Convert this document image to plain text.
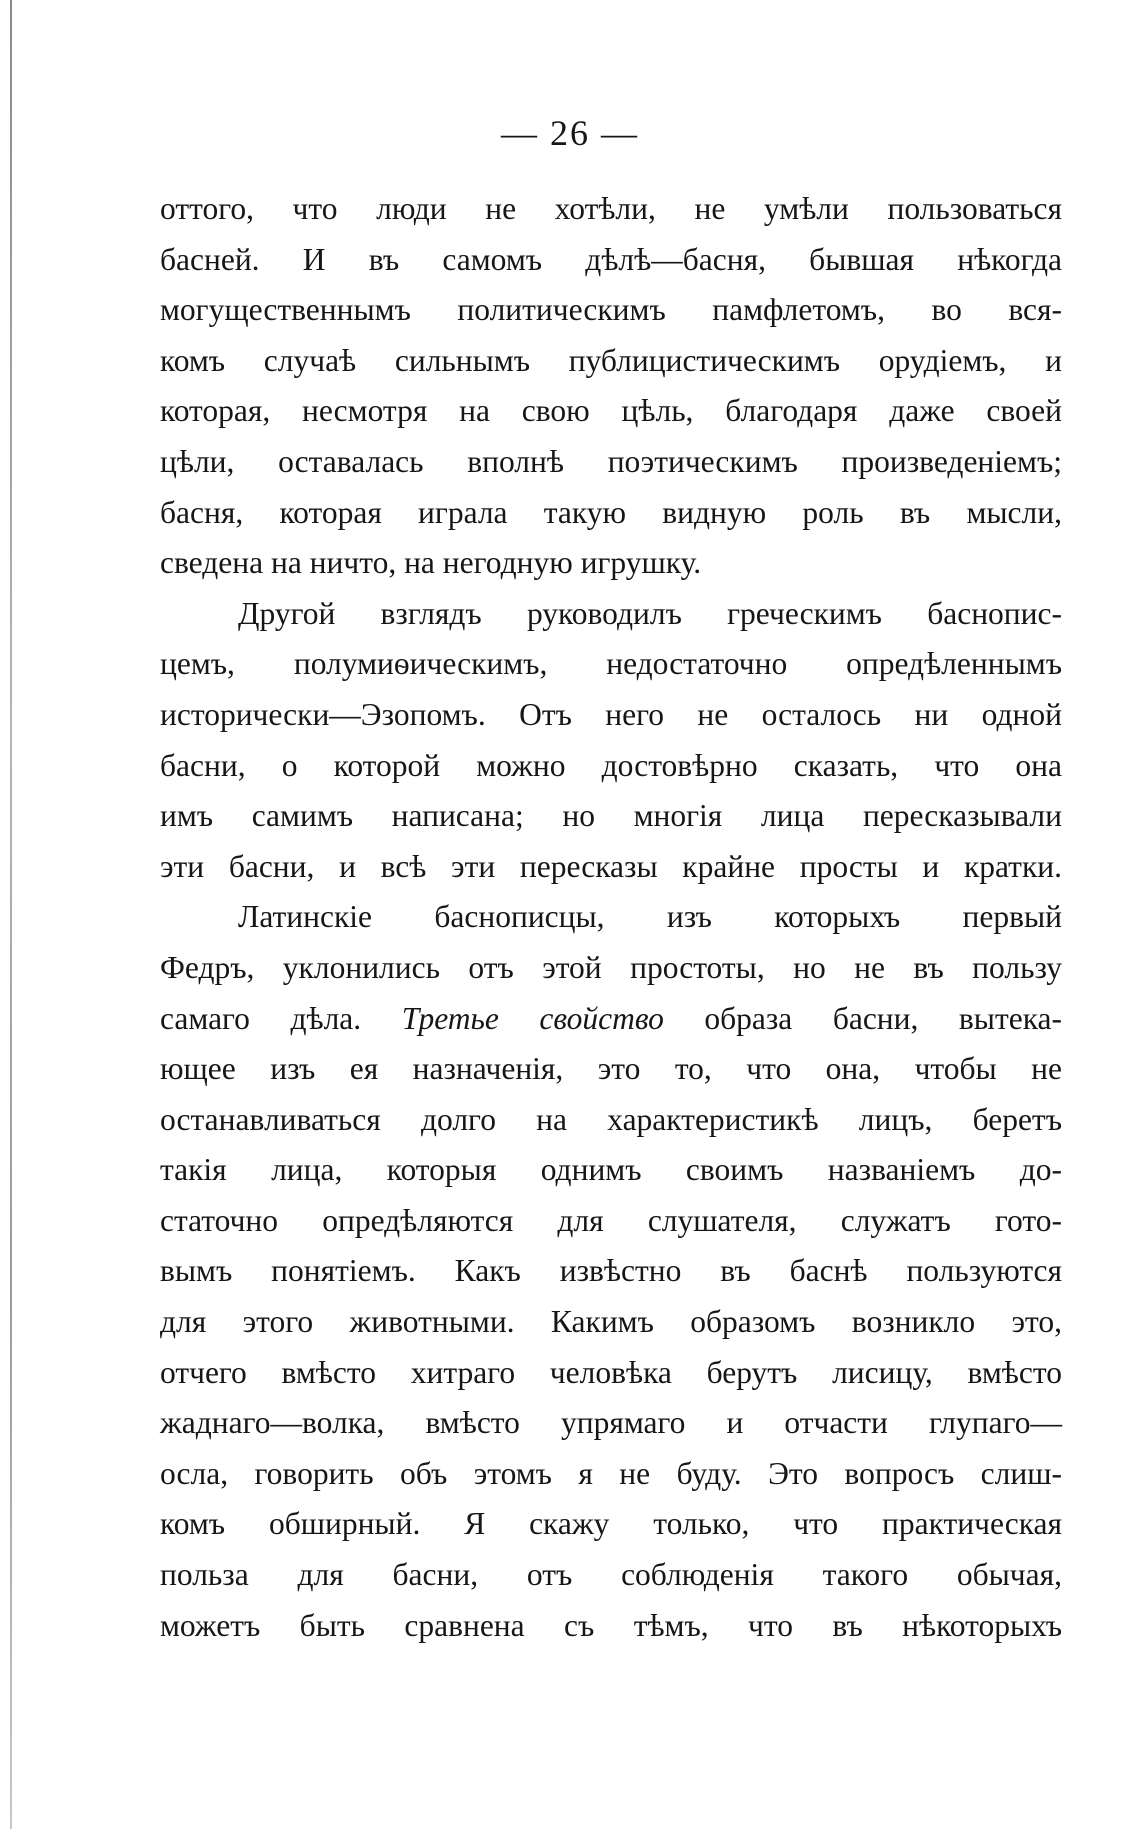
— 26 —
оттого, что люди не хотѣли, не умѣли пользоваться
басней. И въ самомъ дѣлѣ—басня, бывшая нѣкогда
могущественнымъ политическимъ памфлетомъ, во вся-
комъ случаѣ сильнымъ публицистическимъ орудіемъ, и
которая, несмотря на свою цѣль, благодаря даже своей
цѣли, оставалась вполнѣ поэтическимъ произведеніемъ;
басня, которая играла такую видную роль въ мысли,
сведена на ничто, на негодную игрушку.
Другой взглядъ руководилъ греческимъ баснопис-
цемъ, полумиѳическимъ, недостаточно опредѣленнымъ
исторически—Эзопомъ. Отъ него не осталось ни одной
басни, о которой можно достовѣрно сказать, что она
имъ самимъ написана; но многія лица пересказывали
эти басни, и всѣ эти пересказы крайне просты и кратки.
Латинскіе баснописцы, изъ которыхъ первый
Федръ, уклонились отъ этой простоты, но не въ пользу
самаго дѣла. Третье свойство образа басни, вытека-
ющее изъ ея назначенія, это то, что она, чтобы не
останавливаться долго на характеристикѣ лицъ, беретъ
такія лица, которыя однимъ своимъ названіемъ до-
статочно опредѣляются для слушателя, служатъ гото-
вымъ понятіемъ. Какъ извѣстно въ баснѣ пользуются
для этого животными. Какимъ образомъ возникло это,
отчего вмѣсто хитраго человѣка берутъ лисицу, вмѣсто
жаднаго—волка, вмѣсто упрямаго и отчасти глупаго—
осла, говорить объ этомъ я не буду. Это вопросъ слиш-
комъ обширный. Я скажу только, что практическая
польза для басни, отъ соблюденія такого обычая,
можетъ быть сравнена съ тѣмъ, что въ нѣкоторыхъ
